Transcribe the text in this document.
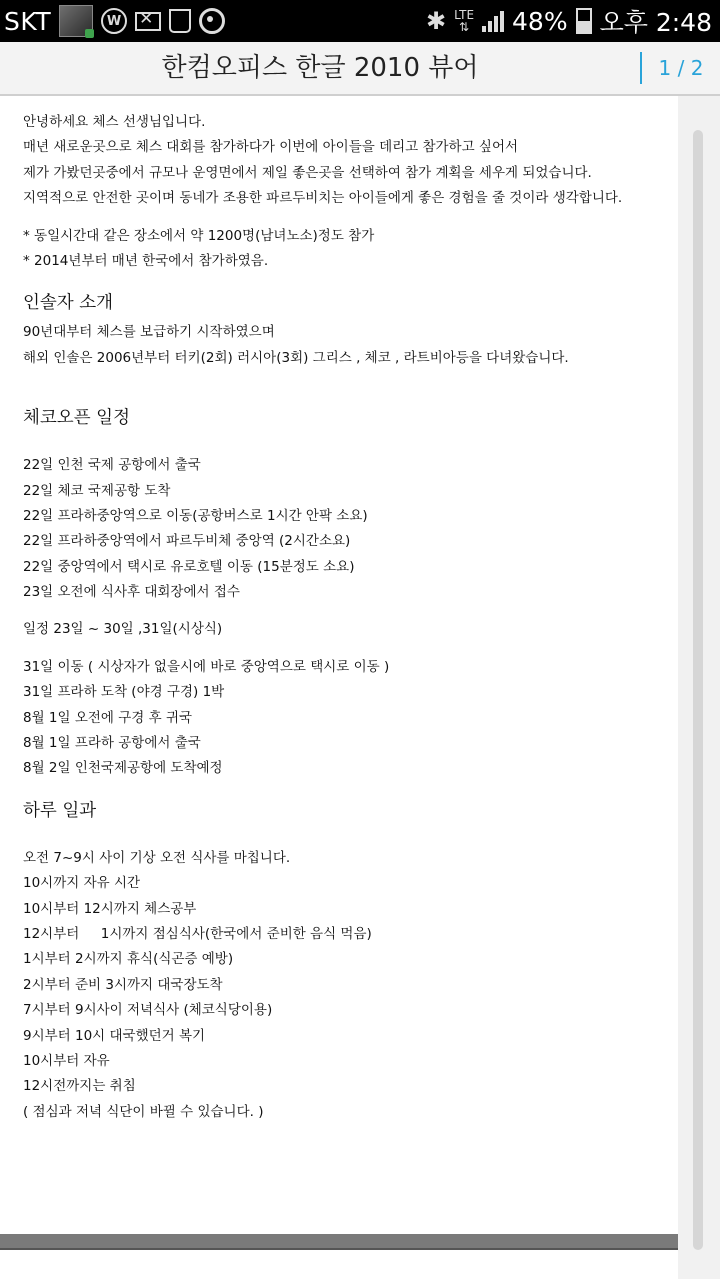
SKT	W
✕	✱ LTE
⇅ 48% 오후 2:48
한컴오피스 한글 2010 뷰어	1 / 2
안녕하세요 체스 선생님입니다.
매년 새로운곳으로 체스 대회를 참가하다가 이번에 아이들을 데리고 참가하고 싶어서
제가 가봤던곳중에서 규모나 운영면에서 제일 좋은곳을 선택하여 참가 계획을 세우게 되었습니다.
지역적으로 안전한 곳이며 동네가 조용한 파르두비치는 아이들에게 좋은 경험을 줄 것이라 생각합니다.
* 동일시간대 같은 장소에서 약 1200명(남녀노소)정도 참가
* 2014년부터 매년 한국에서 참가하였음.
인솔자 소개
90년대부터 체스를 보급하기 시작하였으며
해외 인솔은 2006년부터 터키(2회) 러시아(3회) 그리스 , 체코 , 라트비아등을 다녀왔습니다.
체코오픈 일정
22일 인천 국제 공항에서 출국
22일 체코 국제공항 도착
22일 프라하중앙역으로 이동(공항버스로 1시간 안팍 소요)
22일 프라하중앙역에서 파르두비체 중앙역 (2시간소요)
22일 중앙역에서 택시로 유로호텔 이동 (15분정도 소요)
23일 오전에 식사후 대회장에서 접수
일정 23일 ~ 30일 ,31일(시상식)
31일 이동 ( 시상자가 없을시에 바로 중앙역으로 택시로 이동 )
31일 프라하 도착 (야경 구경) 1박
8월 1일 오전에 구경 후 귀국
8월 1일 프라하 공항에서 출국
8월 2일 인천국제공항에 도착예정
하루 일과
오전 7~9시 사이 기상 오전 식사를 마칩니다.
10시까지 자유 시간
10시부터 12시까지 체스공부
12시부터     1시까지 점심식사(한국에서 준비한 음식 먹음)
1시부터 2시까지 휴식(식곤증 예방)
2시부터 준비 3시까지 대국장도착
7시부터 9시사이 저녁식사 (체코식당이용)
9시부터 10시 대국했던거 복기
10시부터 자유
12시전까지는 취침
( 점심과 저녁 식단이 바뀔 수 있습니다. )
